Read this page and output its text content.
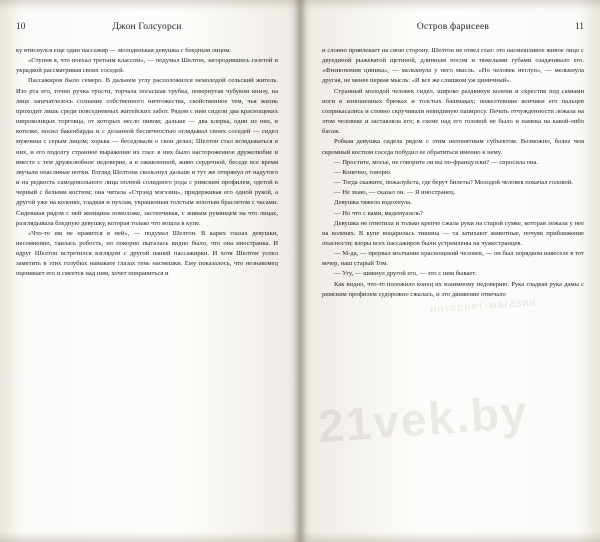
10	Джон Голсуорси

ку втиснулся еще один пассажир — молоденькая девушка с бледным лицом.

«Ступня я, что поехал третьим классом», — подумал Шелтон, загородившись газетой и украдкой рассматривая своих соседей.

Пассажиров было семеро. В дальнем углу расположился немолодой сельский житель. Изо рта его, точно ручка трости, торчала погасшая трубка, повернутая чубуком книзу, на лице запечатлелось сознание собственного ничтожества, свойственное тем, чья жизнь проходит лишь среди повседневных житейских забот. Рядом с ним сидели два краснощеких широколицых торговца, от которых несло пивом; дальше — два клерка, один из них, в котелке, носил бакенбарды и с деланной беспечностью оглядывал своих соседей — сидел мужчина с серым лицом; хорька — беседовали о свои делах; Шелтон стал вглядываться в них, и его подолгу странное выражение их глаз: в них было настороженное дружелюбие и вместе с тем дружелюбное недоверие, а в оживленной, живо сердечной, беседе все время звучали опасливые нотки. Взгляд Шелтона скользнул дальше и тут же отпрянул от надутого и на редкость самодовольного лица полной солидного рода с римским профилем, одетой в черный с белыми костюм; она читала «Стрэнд мэгэзин», придерживая его одной рукой, а другой уже на коленях, гладкая и пухлая, украшенная толстым золотым браслетом с часами. Сидевшая рядом с ней женщина помоложе, застенчивая, с живым румянцем на что лицах, разглядывала бледную девушку, которая только что вошла в купе.

«Что-то им не нравится в ней», — подумал Шелтон. В карих глазах девушки, несомненно, таилась робость, но покорно пыталась видно было, что она иностранка. И вдруг Шелтон встретился взглядом с другой нашей пассажирки. И хотя Шелтон успел заметить в этих голубых навыкате глазах тень насмешки. Ему показалось, что незнакомец оценивает его и смеется над ним, хочет понравиться и

11
Остров фарисеев

и словно привлекает на свою сторону. Шелтон не отвел глаз: это насмешливое живое лицо с двуединой рыжеватой щетиной, длинным носом и тяжелыми губами озадачивало его. «Физиономия циника», — мелькнула у него мысль. «Но человек неглуп», — мелькнула другая, не менее первая мысль: «И все же слишком уж циничный».

Странный молодой человек сидел, широко раздвинув колени и скрестив под самыми ноги в изношенных брюках и толстых башмаках; пожелтевшие кончики его пальцев соприкасались и словно скручивали невидимую папиросу. Печать отчужденности лежала на этом человеке и заставляла его; в схеме над его головой не было и намека на какой-либо багаж.

Робкая девушка сидела рядом с этим непонятным субъектом. Возможно, более чем скромный костюм соседа побудил ее обратиться именно к нему.

— Простите, мосье, не говорите ли вы по-французски? — спросила она.

— Конечно, говорю.

— Тогда скажите, пожалуйста, где берут билеты? Молодой человек покачал головой.

— Не знаю, — сказал он. — Я иностранец.

Девушка тяжело вздохнула.

— Но что с вами, мадемуазель?

Девушка не ответила и только крепче сжала руки на старой сумке, которая лежала у нее на коленях. В купе воцарилась тишина — та затихают животные, почуяв приближение опасности; взоры всех пассажиров были устремлены на чужестранцев.

— М-да, — прервал молчание краснощекий человек, — он был порядком навеселе в тот вечер, наш старый Том.

— Угу, — шикнул другой его, — это с ним бывает.

Как видно, что-то положило конец их взаимному недоверию. Рука гладкая рука дамы с римским профилем судорожно сжалась, и это движение отвечало
